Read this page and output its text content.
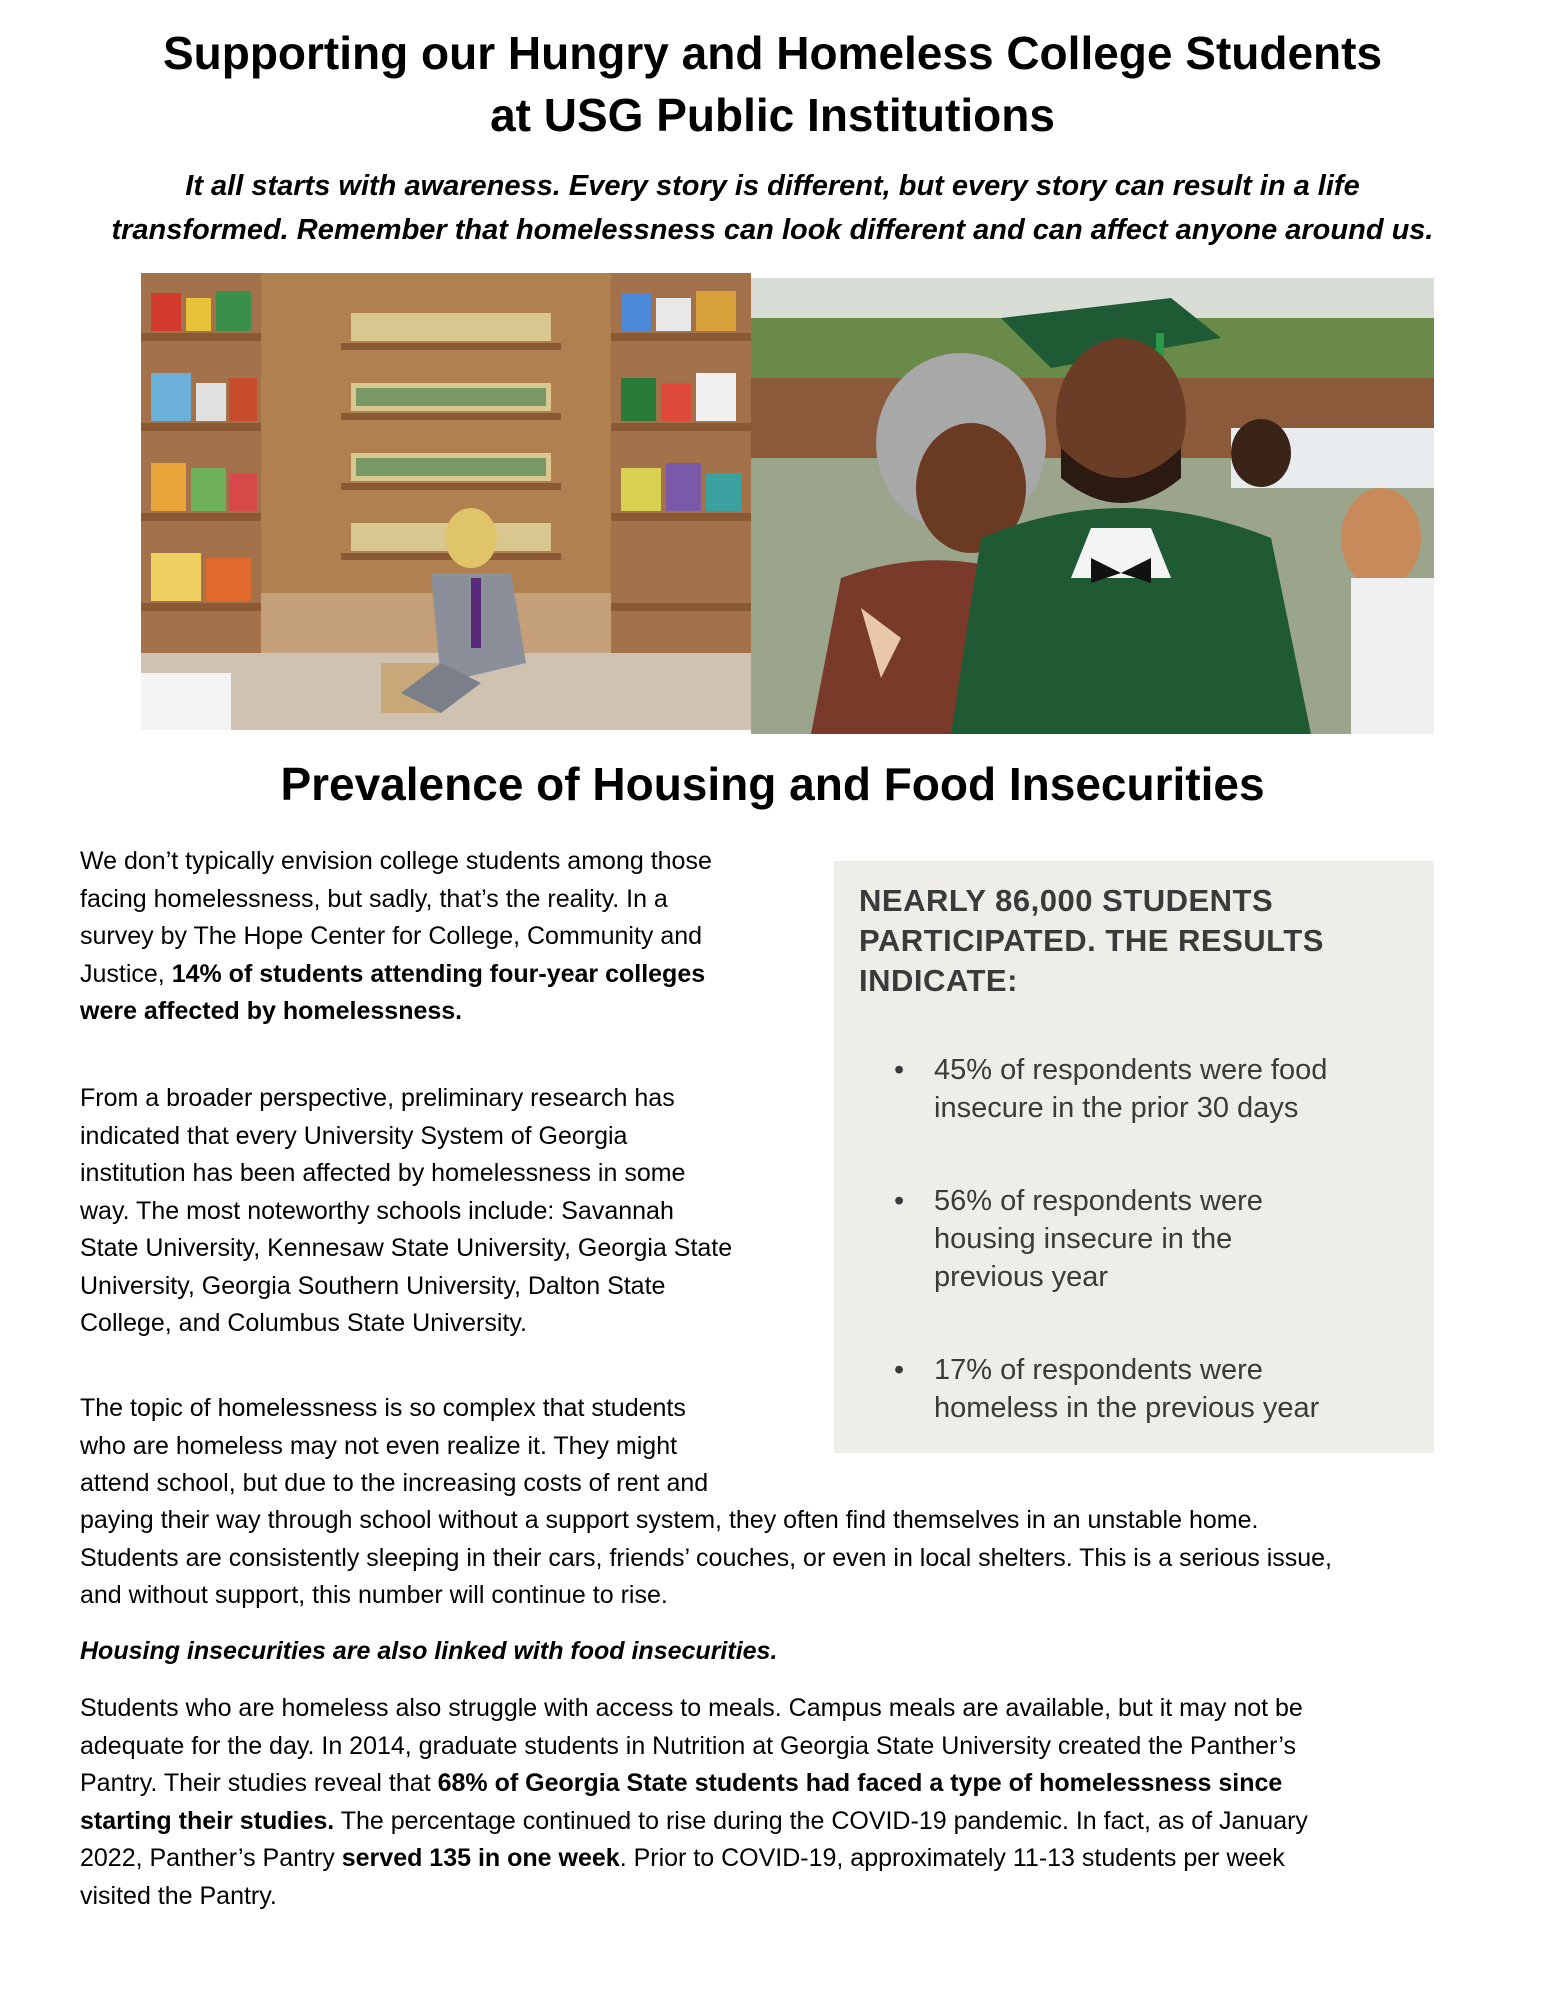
Supporting our Hungry and Homeless College Students
at USG Public Institutions

It all starts with awareness. Every story is different, but every story can result in a life
transformed. Remember that homelessness can look different and can affect anyone around us.

Prevalence of Housing and Food Insecurities

We don’t typically envision college students among those
facing homelessness, but sadly, that’s the reality. In a
survey by The Hope Center for College, Community and
Justice, 14% of students attending four-year colleges
were affected by homelessness.

From a broader perspective, preliminary research has
indicated that every University System of Georgia
institution has been affected by homelessness in some
way. The most noteworthy schools include: Savannah
State University, Kennesaw State University, Georgia State
University, Georgia Southern University, Dalton State
College, and Columbus State University.

The topic of homelessness is so complex that students
who are homeless may not even realize it. They might
attend school, but due to the increasing costs of rent and

paying their way through school without a support system, they often find themselves in an unstable home.
Students are consistently sleeping in their cars, friends’ couches, or even in local shelters. This is a serious issue,
and without support, this number will continue to rise.

Housing insecurities are also linked with food insecurities.

Students who are homeless also struggle with access to meals. Campus meals are available, but it may not be
adequate for the day. In 2014, graduate students in Nutrition at Georgia State University created the Panther’s
Pantry. Their studies reveal that 68% of Georgia State students had faced a type of homelessness since
starting their studies. The percentage continued to rise during the COVID-19 pandemic. In fact, as of January
2022, Panther’s Pantry served 135 in one week. Prior to COVID-19, approximately 11-13 students per week
visited the Pantry.

NEARLY 86,000 STUDENTS
PARTICIPATED. THE RESULTS
INDICATE:

• 45% of respondents were food
insecure in the prior 30 days
• 56% of respondents were
housing insecure in the
previous year
• 17% of respondents were
homeless in the previous year
